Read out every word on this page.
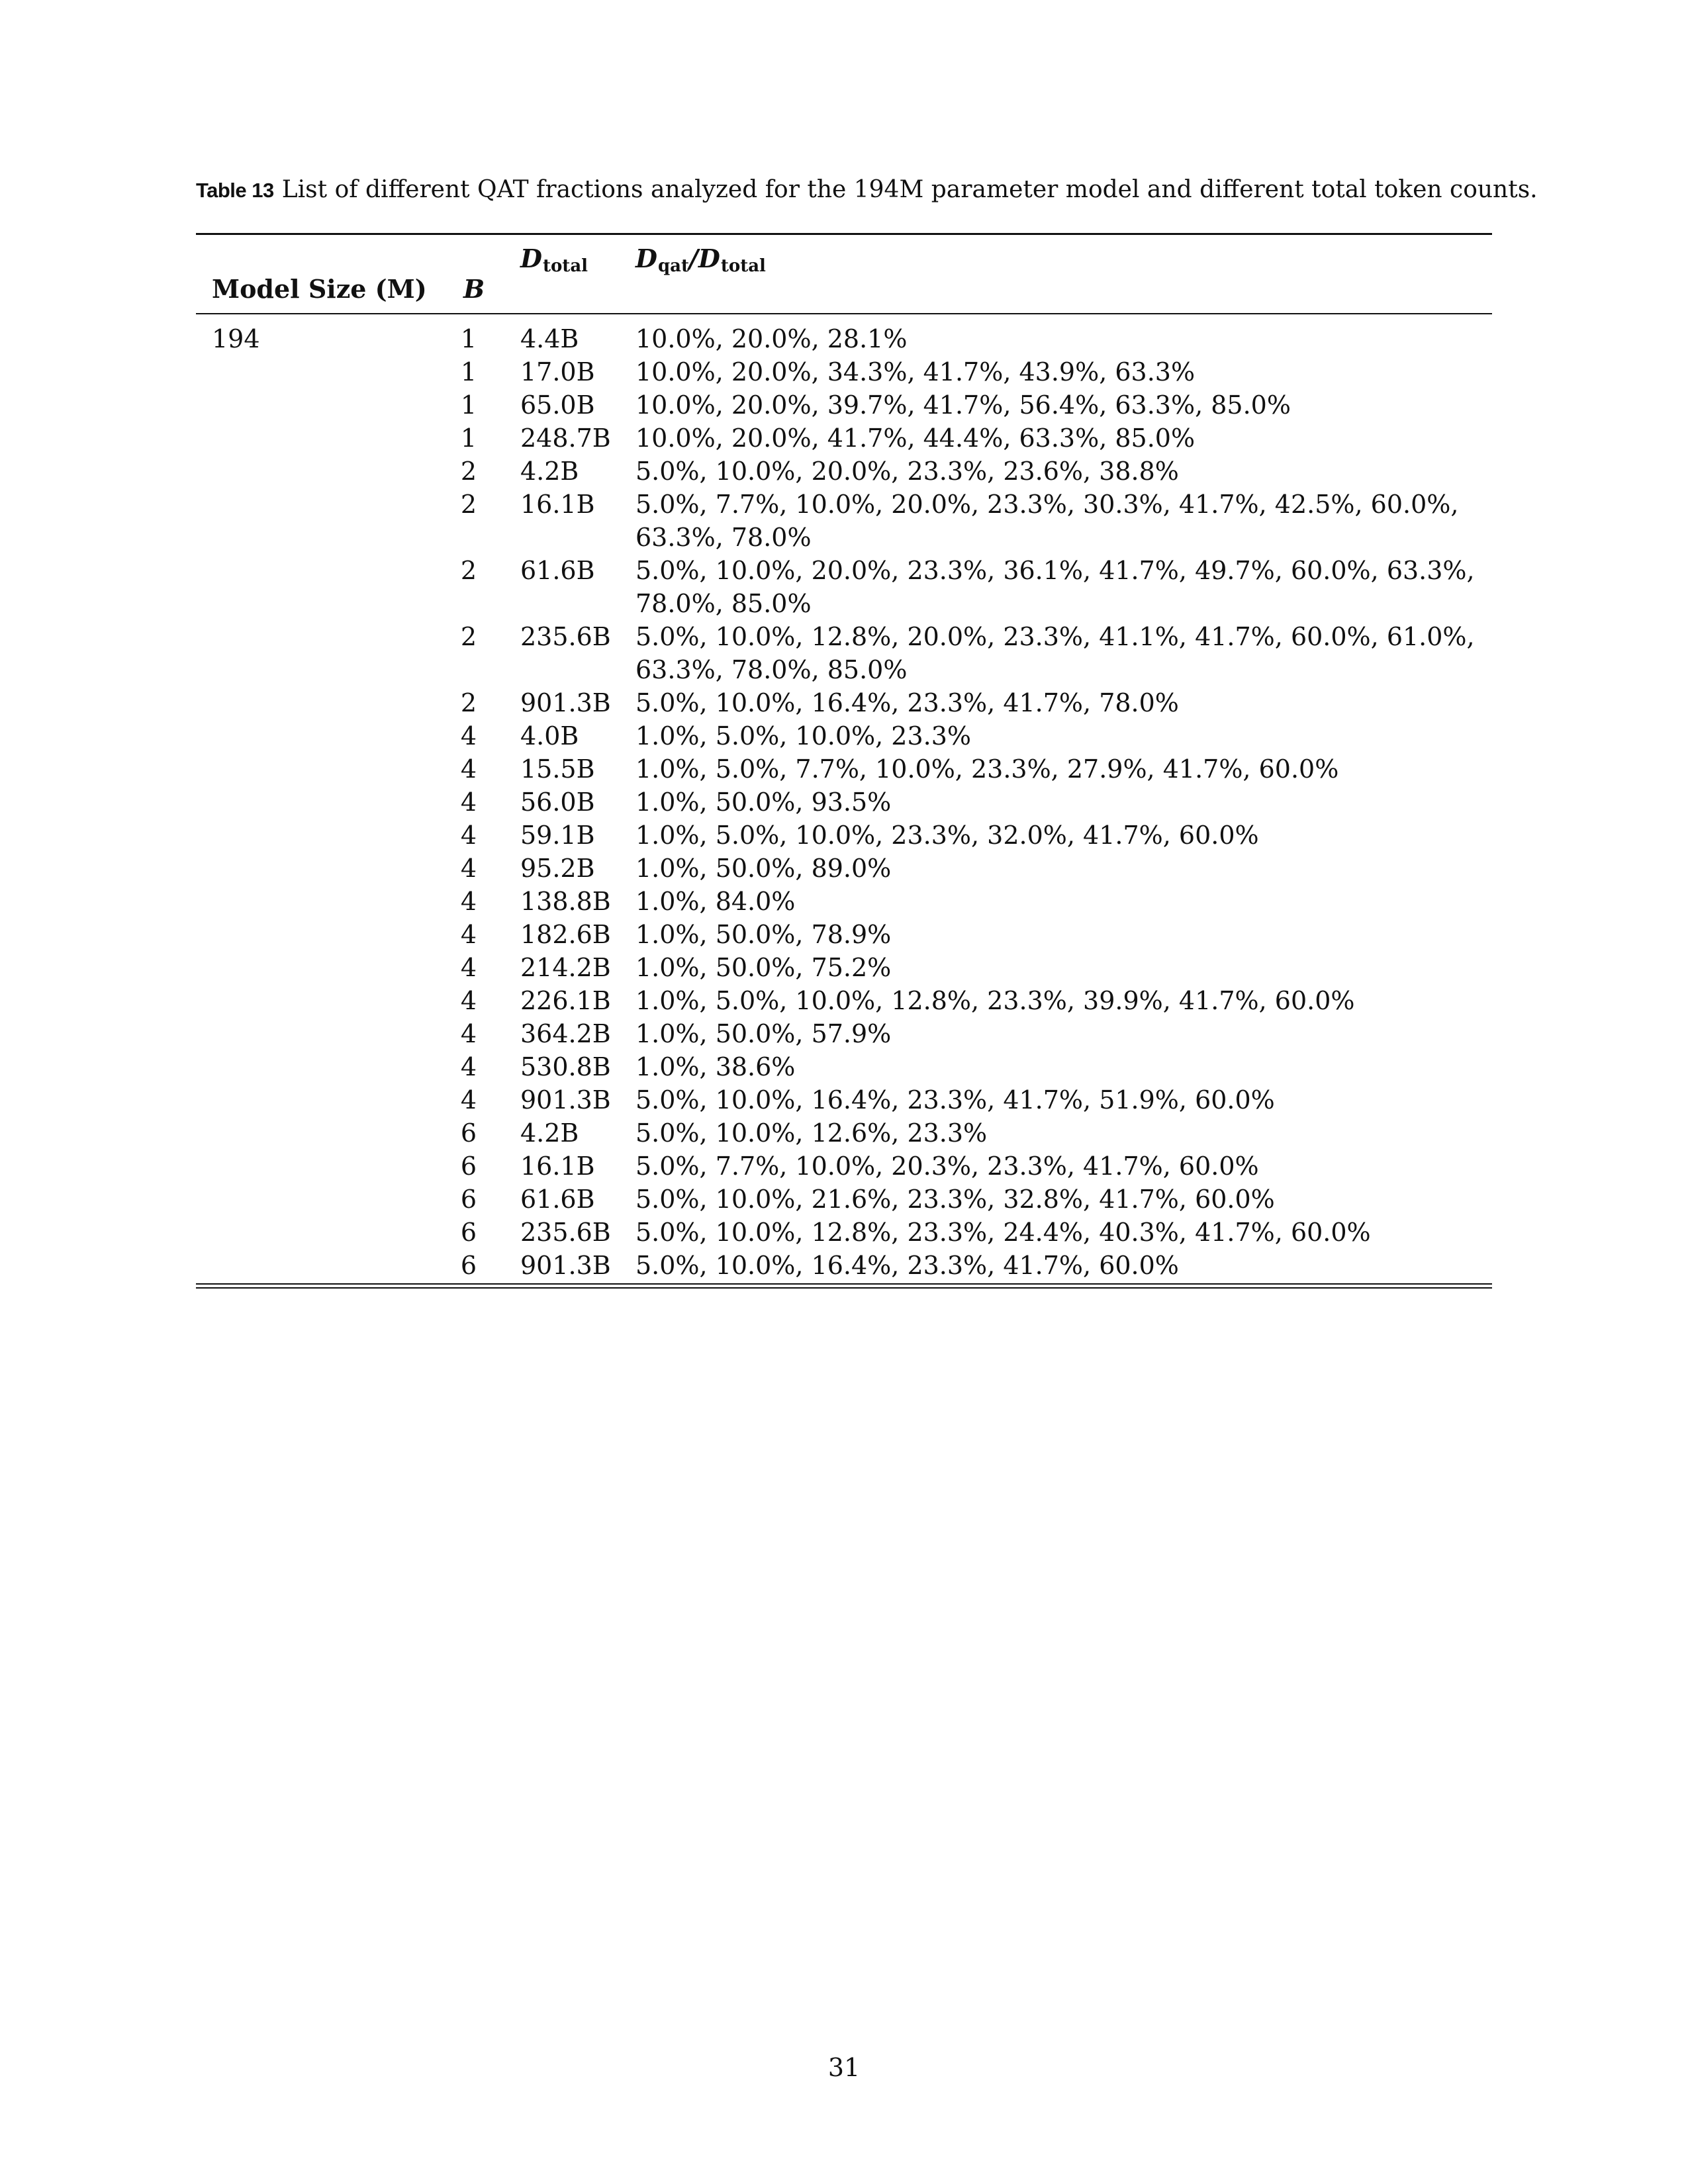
Table 13 List of different QAT fractions analyzed for the 194M parameter model and different total token counts.
Model Size (M) B
$D_{total}$ $D_{qat}/D_{total}$
194	1 4.4B 10.0%, 20.0%, 28.1%
1 17.0B 10.0%, 20.0%, 34.3%, 41.7%, 43.9%, 63.3%
1 65.0B 10.0%, 20.0%, 39.7%, 41.7%, 56.4%, 63.3%, 85.0%
1 248.7B 10.0%, 20.0%, 41.7%, 44.4%, 63.3%, 85.0%
2 4.2B 5.0%, 10.0%, 20.0%, 23.3%, 23.6%, 38.8%
2 16.1B 5.0%, 7.7%, 10.0%, 20.0%, 23.3%, 30.3%, 41.7%, 42.5%, 60.0%, 63.3%, 78.0%
2 61.6B 5.0%, 10.0%, 20.0%, 23.3%, 36.1%, 41.7%, 49.7%, 60.0%, 63.3%, 78.0%, 85.0%
2 235.6B 5.0%, 10.0%, 12.8%, 20.0%, 23.3%, 41.1%, 41.7%, 60.0%, 61.0%, 63.3%, 78.0%, 85.0%
2 901.3B 5.0%, 10.0%, 16.4%, 23.3%, 41.7%, 78.0%
4 4.0B 1.0%, 5.0%, 10.0%, 23.3%
4 15.5B 1.0%, 5.0%, 7.7%, 10.0%, 23.3%, 27.9%, 41.7%, 60.0%
4 56.0B 1.0%, 50.0%, 93.5%
4 59.1B 1.0%, 5.0%, 10.0%, 23.3%, 32.0%, 41.7%, 60.0%
4 95.2B 1.0%, 50.0%, 89.0%
4 138.8B 1.0%, 84.0%
4 182.6B 1.0%, 50.0%, 78.9%
4 214.2B 1.0%, 50.0%, 75.2%
4 226.1B 1.0%, 5.0%, 10.0%, 12.8%, 23.3%, 39.9%, 41.7%, 60.0%
4 364.2B 1.0%, 50.0%, 57.9%
4 530.8B 1.0%, 38.6%
4 901.3B 5.0%, 10.0%, 16.4%, 23.3%, 41.7%, 51.9%, 60.0%
6 4.2B 5.0%, 10.0%, 12.6%, 23.3%
6 16.1B 5.0%, 7.7%, 10.0%, 20.3%, 23.3%, 41.7%, 60.0%
6 61.6B 5.0%, 10.0%, 21.6%, 23.3%, 32.8%, 41.7%, 60.0%
6 235.6B 5.0%, 10.0%, 12.8%, 23.3%, 24.4%, 40.3%, 41.7%, 60.0%
6 901.3B 5.0%, 10.0%, 16.4%, 23.3%, 41.7%, 60.0%
31
